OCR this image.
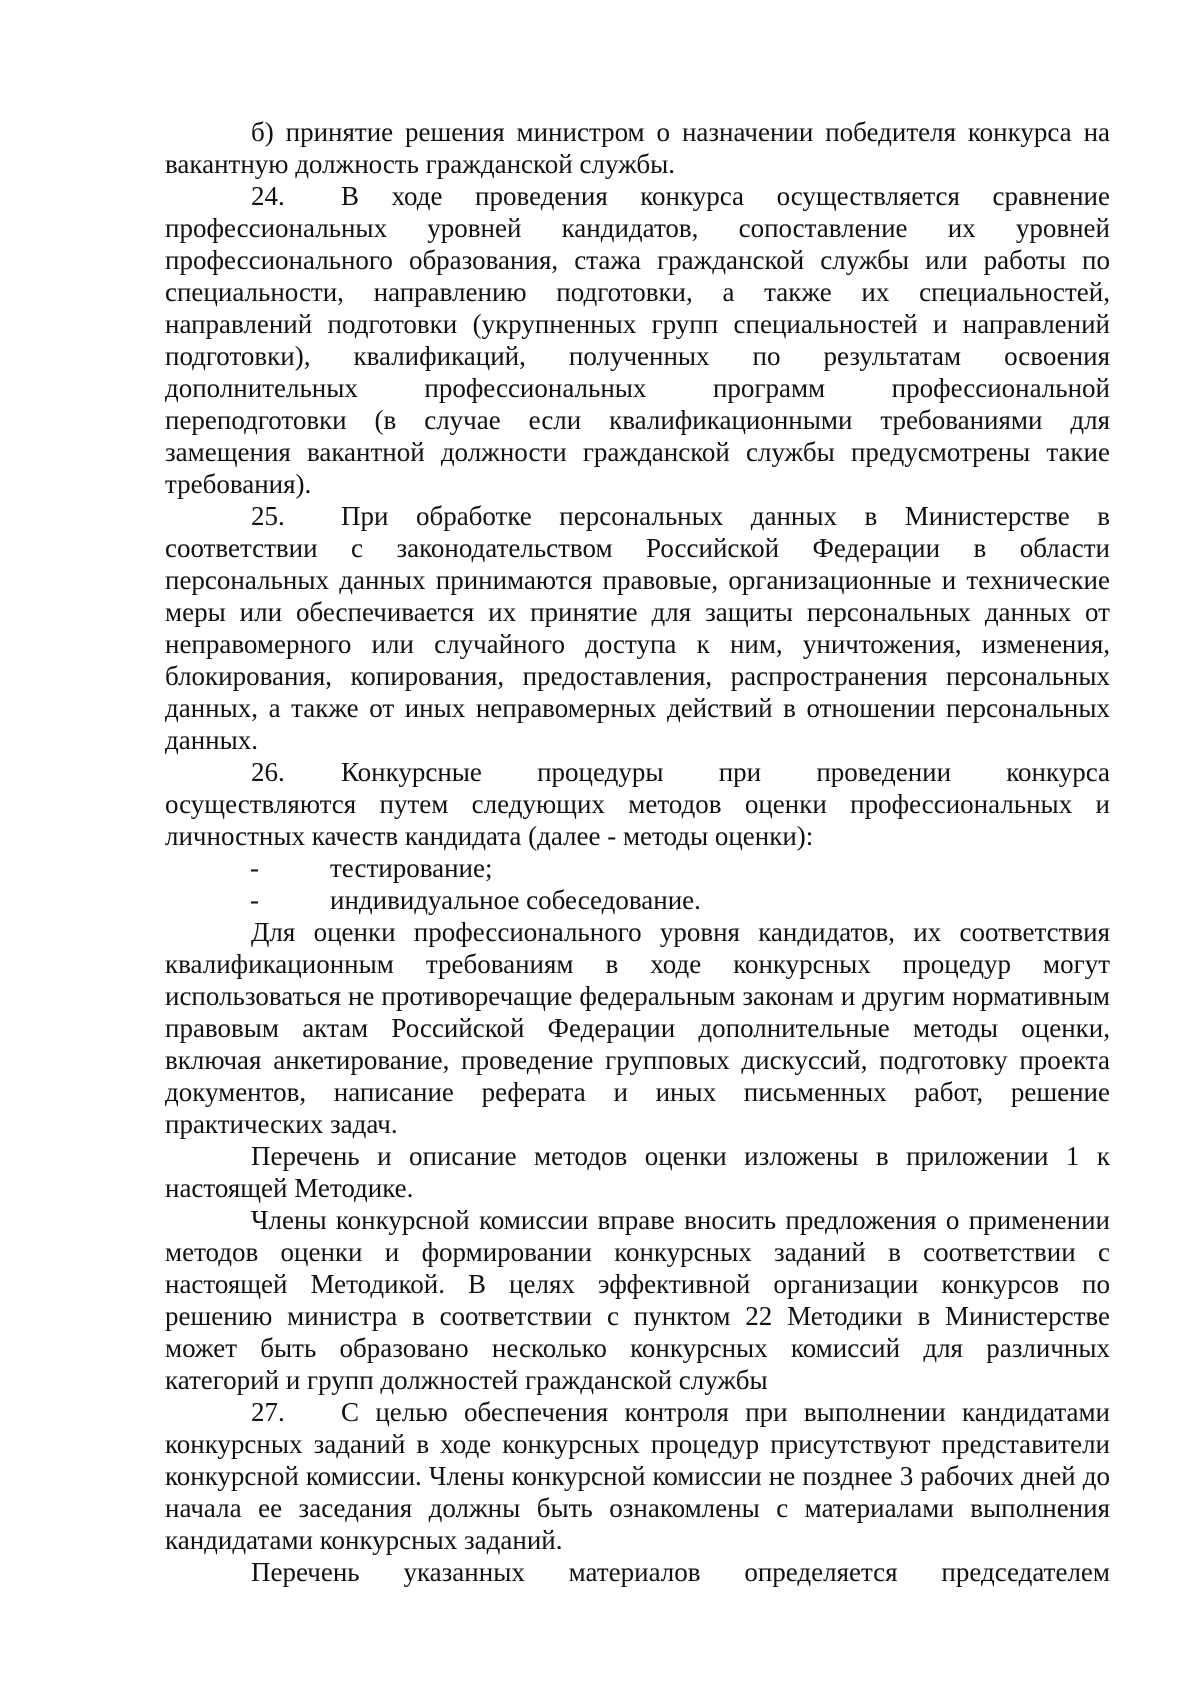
б) принятие решения министром о назначении победителя конкурса на вакантную должность гражданской службы.

24. В ходе проведения конкурса осуществляется сравнение профессиональных уровней кандидатов, сопоставление их уровней профессионального образования, стажа гражданской службы или работы по специальности, направлению подготовки, а также их специальностей, направлений подготовки (укрупненных групп специальностей и направлений подготовки), квалификаций, полученных по результатам освоения дополнительных профессиональных программ профессиональной переподготовки (в случае если квалификационными требованиями для замещения вакантной должности гражданской службы предусмотрены такие требования).

25. При обработке персональных данных в Министерстве в соответствии с законодательством Российской Федерации в области персональных данных принимаются правовые, организационные и технические меры или обеспечивается их принятие для защиты персональных данных от неправомерного или случайного доступа к ним, уничтожения, изменения, блокирования, копирования, предоставления, распространения персональных данных, а также от иных неправомерных действий в отношении персональных данных.

26. Конкурсные процедуры при проведении конкурса осуществляются путем следующих методов оценки профессиональных и личностных качеств кандидата (далее - методы оценки):

-	тестирование;
-	индивидуальное собеседование.

Для оценки профессионального уровня кандидатов, их соответствия квалификационным требованиям в ходе конкурсных процедур могут использоваться не противоречащие федеральным законам и другим нормативным правовым актам Российской Федерации дополнительные методы оценки, включая анкетирование, проведение групповых дискуссий, подготовку проекта документов, написание реферата и иных письменных работ, решение практических задач.

Перечень и описание методов оценки изложены в приложении 1 к настоящей Методике.

Члены конкурсной комиссии вправе вносить предложения о применении методов оценки и формировании конкурсных заданий в соответствии с настоящей Методикой. В целях эффективной организации конкурсов по решению министра в соответствии с пунктом 22 Методики в Министерстве может быть образовано несколько конкурсных комиссий для различных категорий и групп должностей гражданской службы

27. С целью обеспечения контроля при выполнении кандидатами конкурсных заданий в ходе конкурсных процедур присутствуют представители конкурсной комиссии. Члены конкурсной комиссии не позднее 3 рабочих дней до начала ее заседания должны быть ознакомлены с материалами выполнения кандидатами конкурсных заданий.

Перечень указанных материалов определяется председателем
